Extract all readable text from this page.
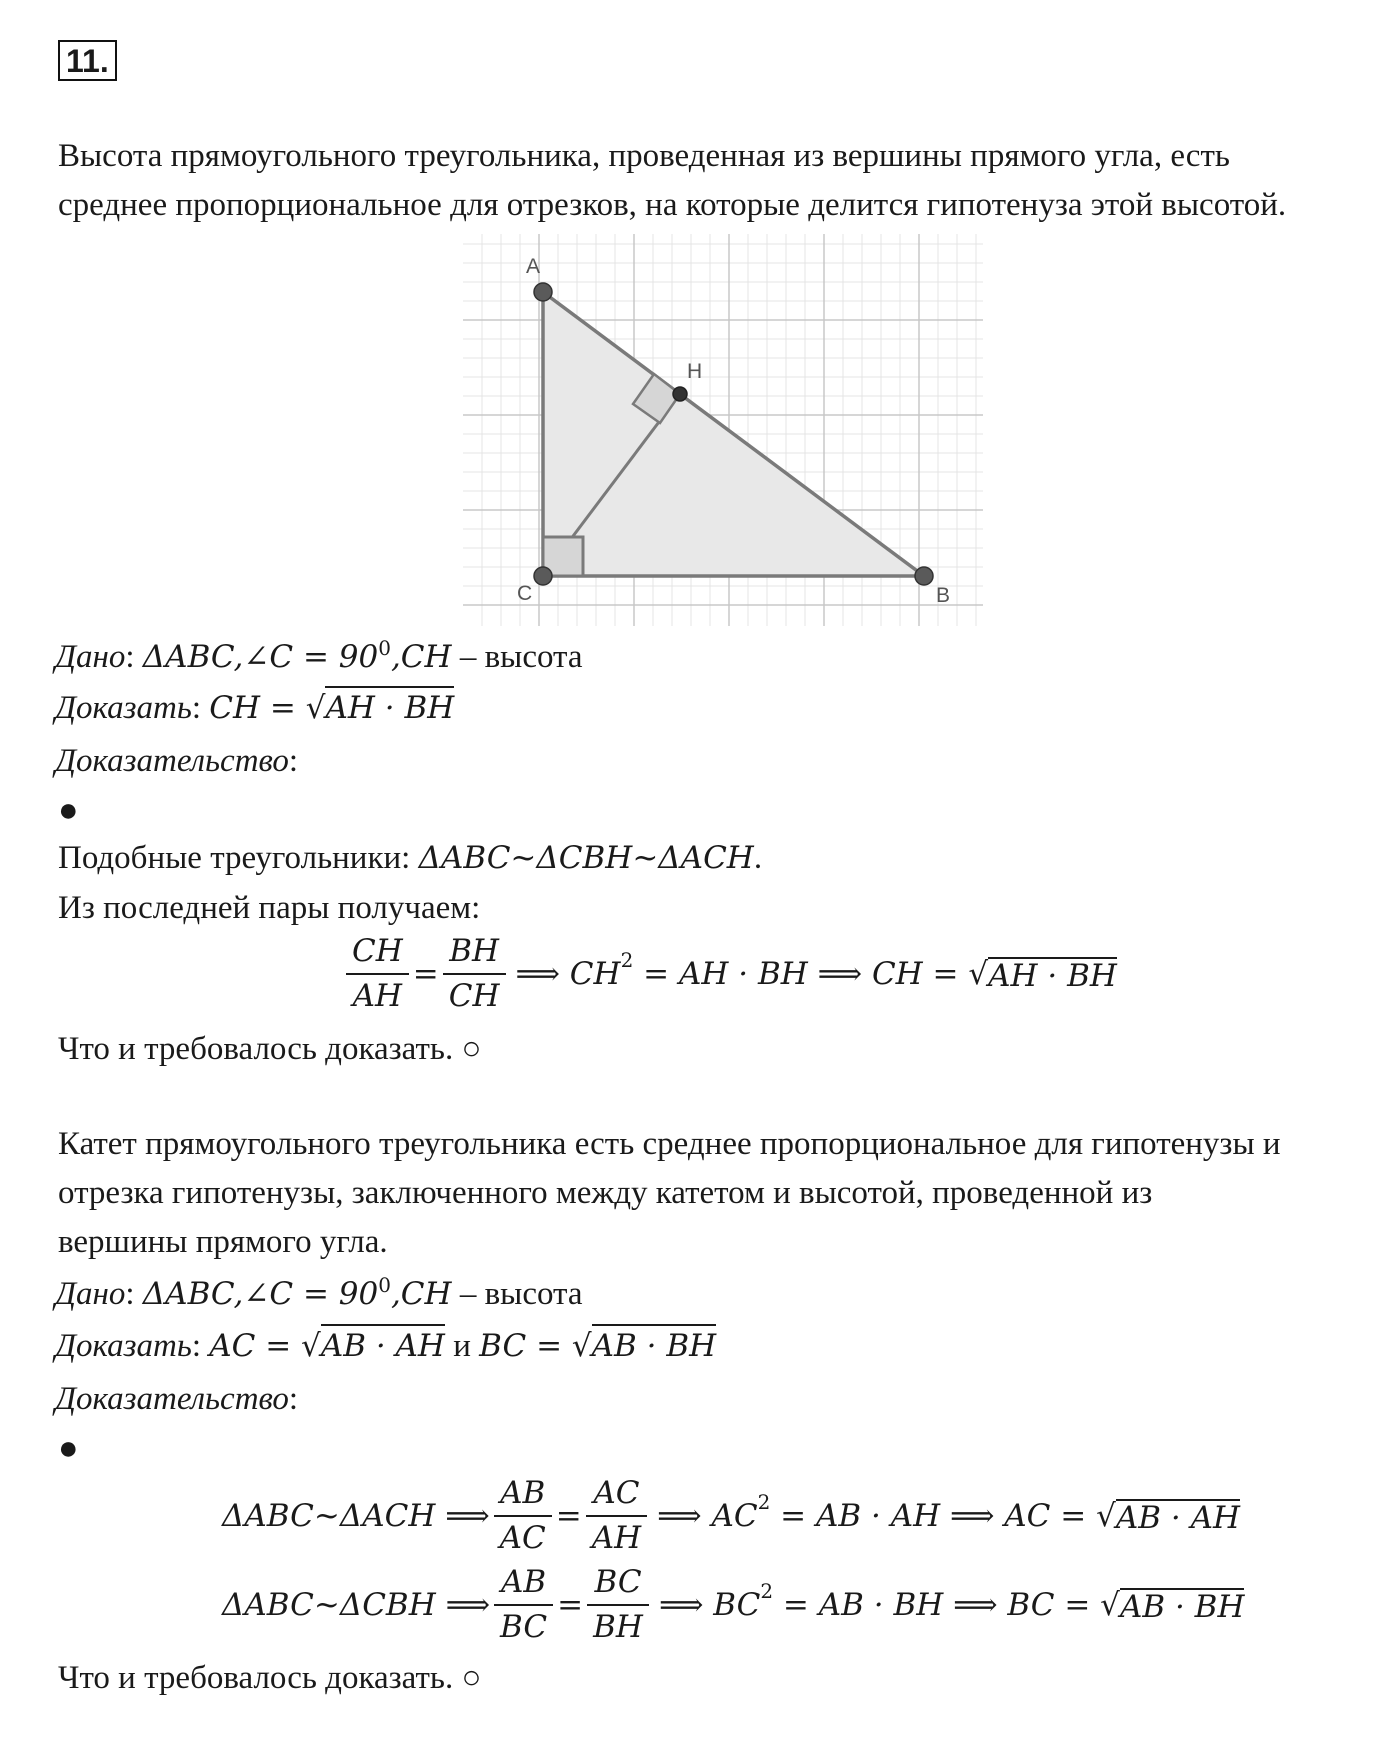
11.
Высота прямоугольного треугольника, проведенная из вершины прямого угла, есть
среднее пропорциональное для отрезков, на которые делится гипотенуза этой высотой.
A
H
C	B
Дано: ΔABC,∠C = $90^0,CH$ – высота
Доказать: CH = √AH · BH
Доказательство:
●
Подобные треугольники: ΔABC~ΔCBH~ΔACH.
Из последней пары получаем:
$\frac{CH}{AH} = \frac{BH}{CH}$ ⟹ $CH^2$ = AH · BH ⟹ CH = √ AH · BH
Что и требовалось доказать. ○
Катет прямоугольного треугольника есть среднее пропорциональное для гипотенузы и
отрезка гипотенузы, заключенного между катетом и высотой, проведенной из
вершины прямого угла.
Дано: ΔABC,∠C = $90^0,CH$ – высота
Доказать: AC = √AB · AH и BC = √AB · BH
Доказательство:
●
ΔABC~ΔACH ⟹ $\frac{AB}{AC} = \frac{AC}{AH}$ ⟹ $AC^2$ = AB · AH ⟹ AC = √ AB · AH
ΔABC~ΔCBH ⟹ $\frac{AB}{BC} = \frac{BC}{BH}$ ⟹ $BC^2$ = AB · BH ⟹ BC = √ AB · BH
Что и требовалось доказать. ○
